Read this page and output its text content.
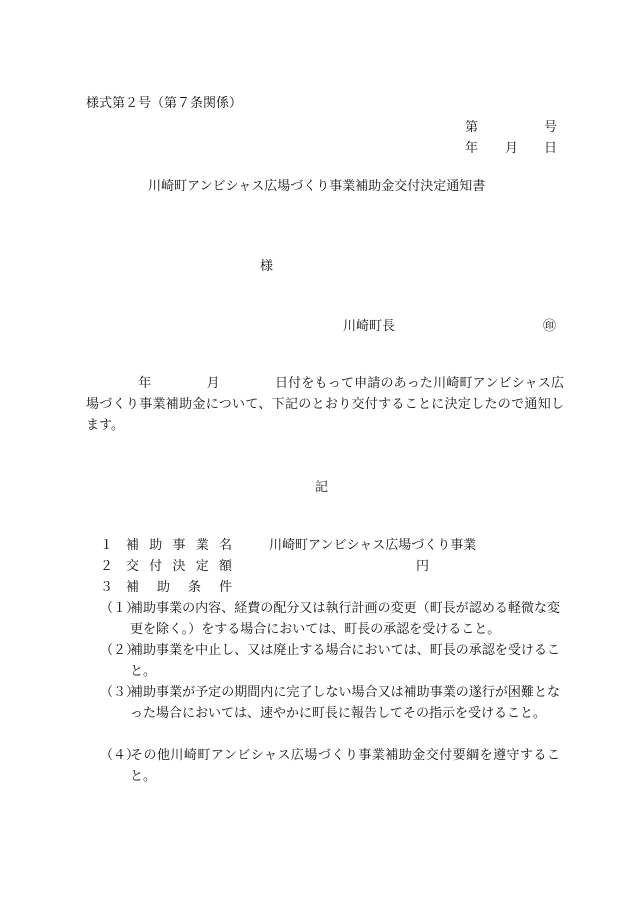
様式第２号（第７条関係）
第	号
年 月 日
川崎町アンビシャス広場づくり事業補助金交付決定通知書
様
川崎町長	㊞
年	月	日付をもって申請のあった川崎町アンビシャス広場づくり事業補助金について、下記のとおり交付することに決定したので通知します。
記
１ 補助事業名	川崎町アンビシャス広場づくり事業
２ 交付決定額	円
３ 補助条件
（１）
補助事業の内容、経費の配分又は執行計画の変更（町長が認める軽微な変更を除く。）をする場合においては、町長の承認を受けること。
（２）
補助事業を中止し、又は廃止する場合においては、町長の承認を受けること。
（３）
補助事業が予定の期間内に完了しない場合又は補助事業の遂行が困難となった場合においては、速やかに町長に報告してその指示を受けること。
（４）
その他川崎町アンビシャス広場づくり事業補助金交付要綱を遵守すること。
